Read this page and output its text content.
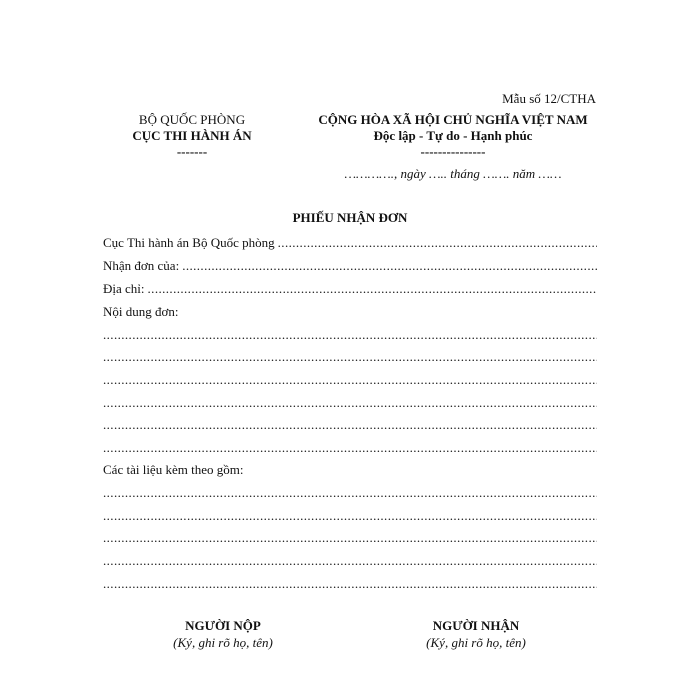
Mẫu số 12/CTHA
BỘ QUỐC PHÒNG
CỤC THI HÀNH ÁN
-------
CỘNG HÒA XÃ HỘI CHỦ NGHĨA VIỆT NAM
Độc lập - Tự do - Hạnh phúc
---------------
…………., ngày ….. tháng ……. năm ……
PHIẾU NHẬN ĐƠN
Cục Thi hành án Bộ Quốc phòng
.....
Nhận đơn của:
.....
Địa chỉ:
.....
Nội dung đơn:
.....
.....
.....
.....
.....
.....
Các tài liệu kèm theo gồm:
.....
.....
.....
.....
.....
NGƯỜI NỘP
(Ký, ghi rõ họ, tên)
NGƯỜI NHẬN
(Ký, ghi rõ họ, tên)
